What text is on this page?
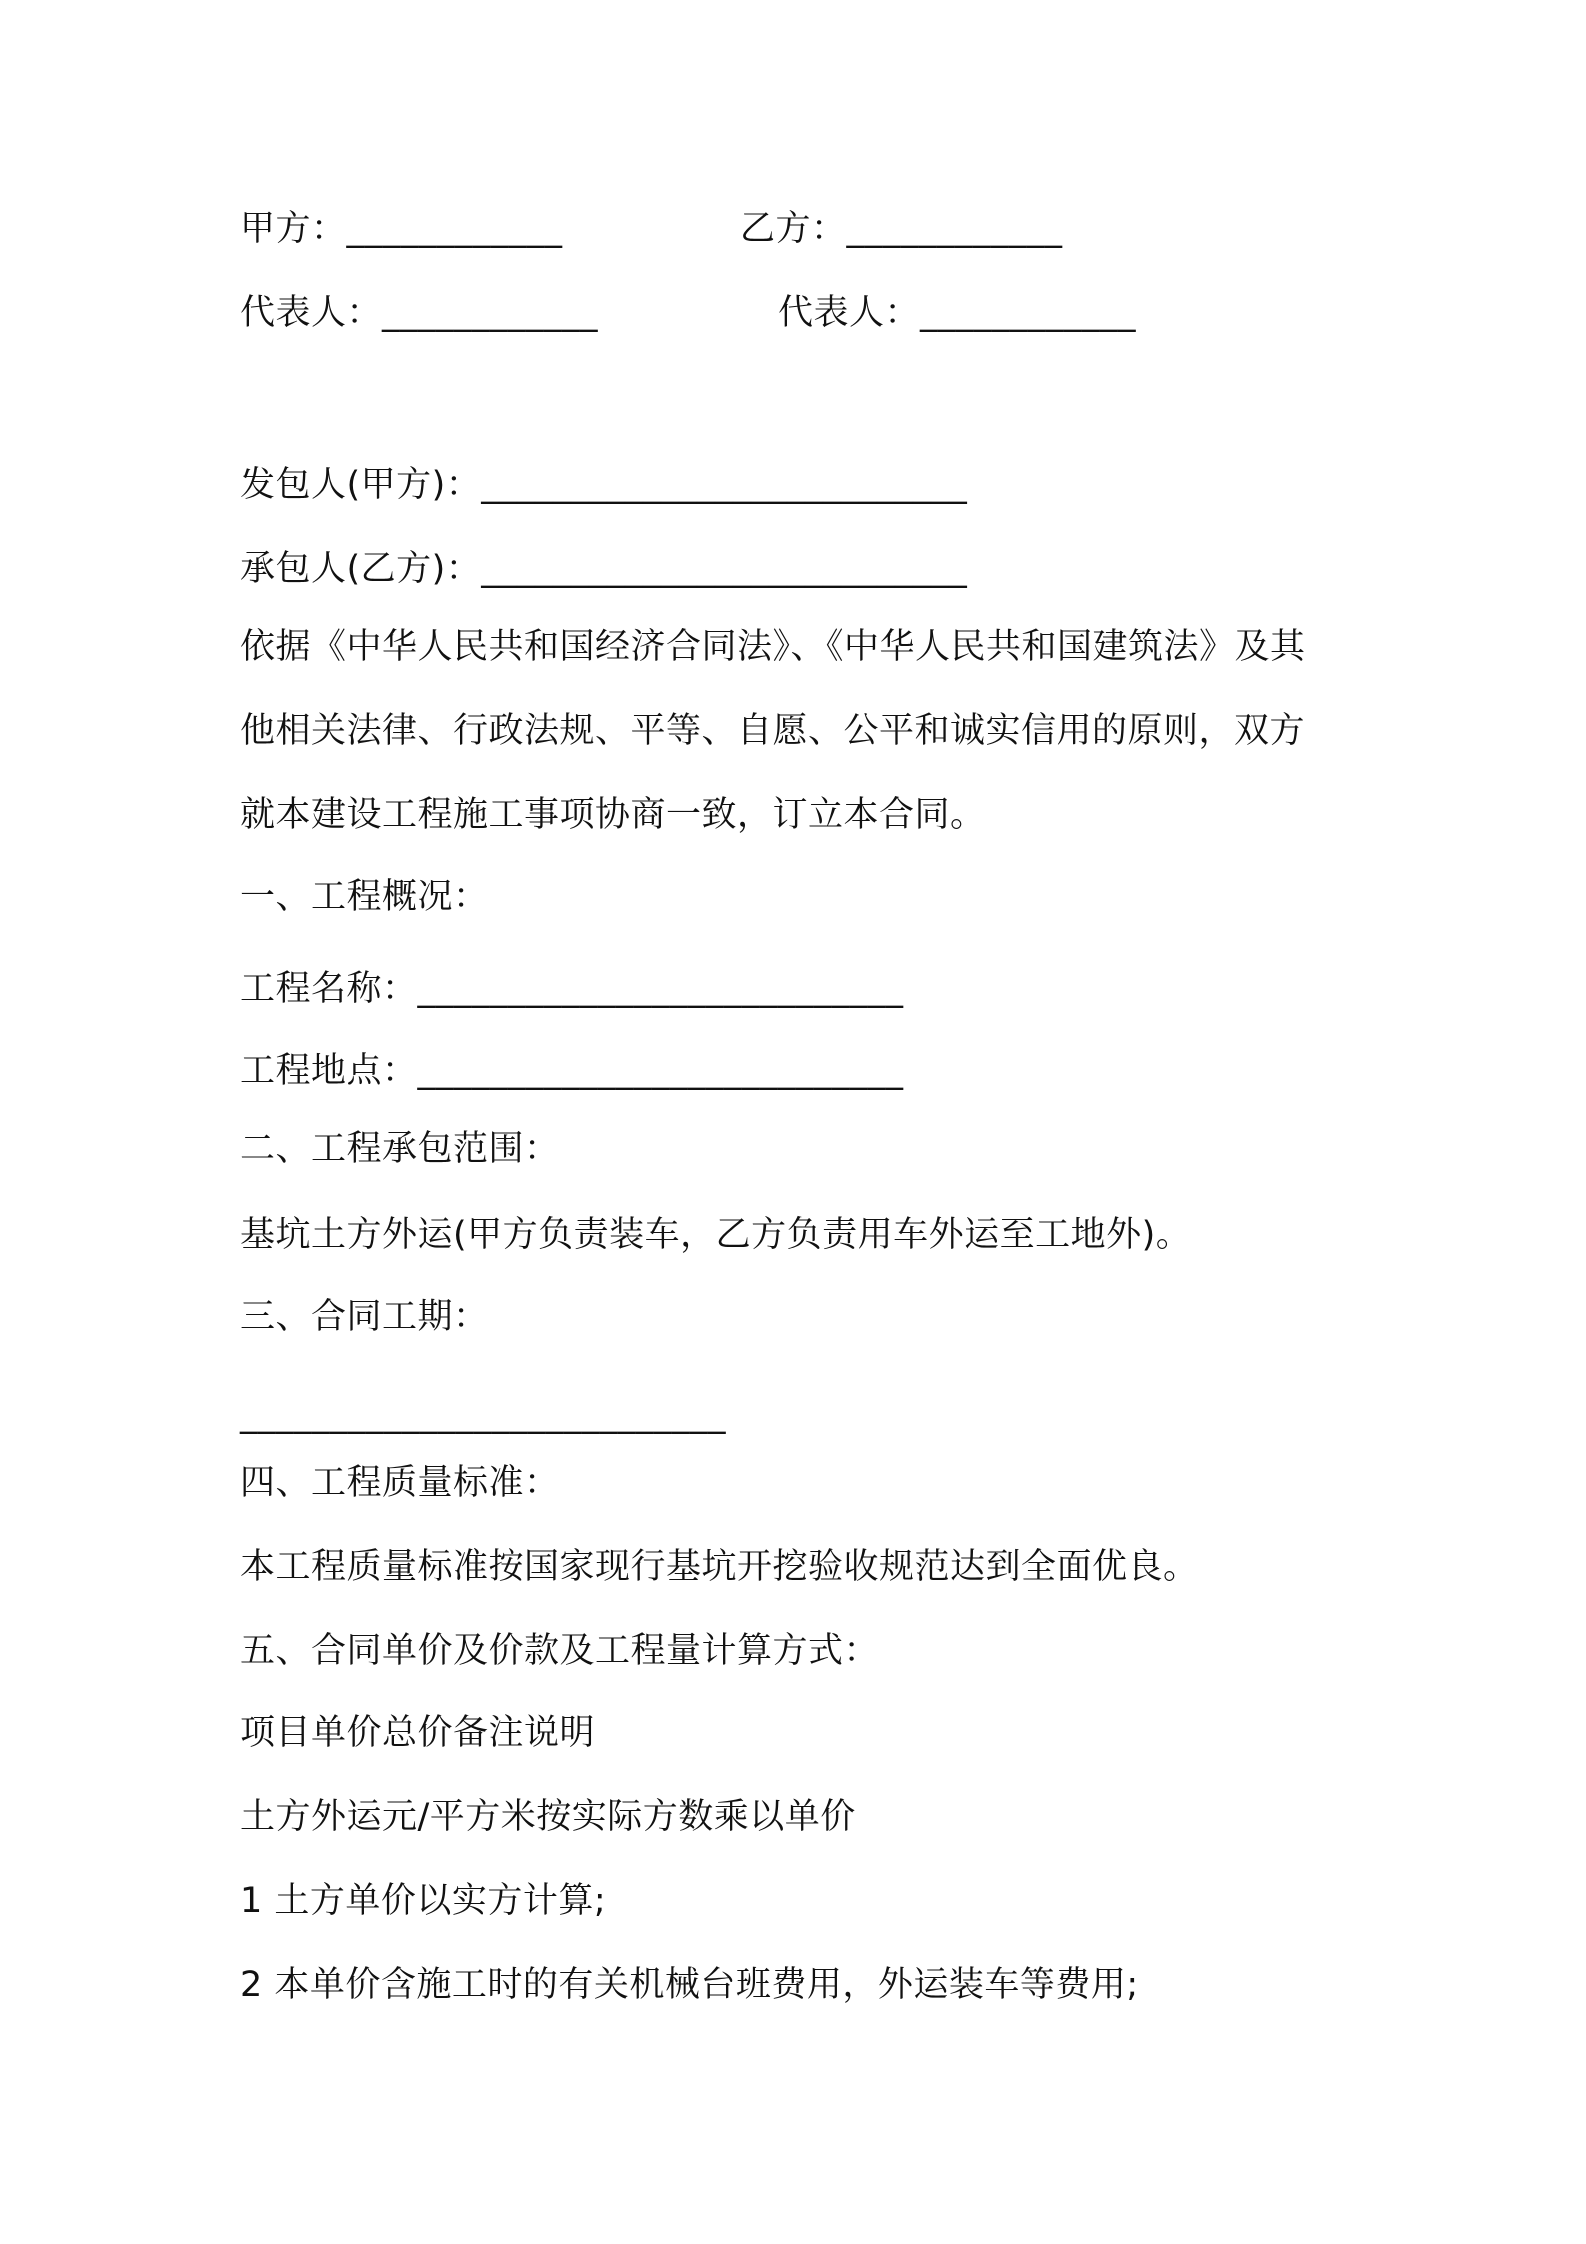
甲方：____________	乙方：____________
代表人：____________	代表人：____________
发包人(甲方)：___________________________
承包人(乙方)：___________________________
依据《中华人民共和国经济合同法》、《中华人民共和国建筑法》及其
他相关法律、行政法规、平等、自愿、公平和诚实信用的原则，双方
就本建设工程施工事项协商一致，订立本合同。
一、工程概况：
工程名称：___________________________
工程地点：___________________________
二、工程承包范围：
基坑土方外运(甲方负责装车，乙方负责用车外运至工地外)。
三、合同工期：
___________________________
四、工程质量标准：
本工程质量标准按国家现行基坑开挖验收规范达到全面优良。
五、合同单价及价款及工程量计算方式：
项目单价总价备注说明
土方外运元/平方米按实际方数乘以单价
1 土方单价以实方计算;
2 本单价含施工时的有关机械台班费用，外运装车等费用;
